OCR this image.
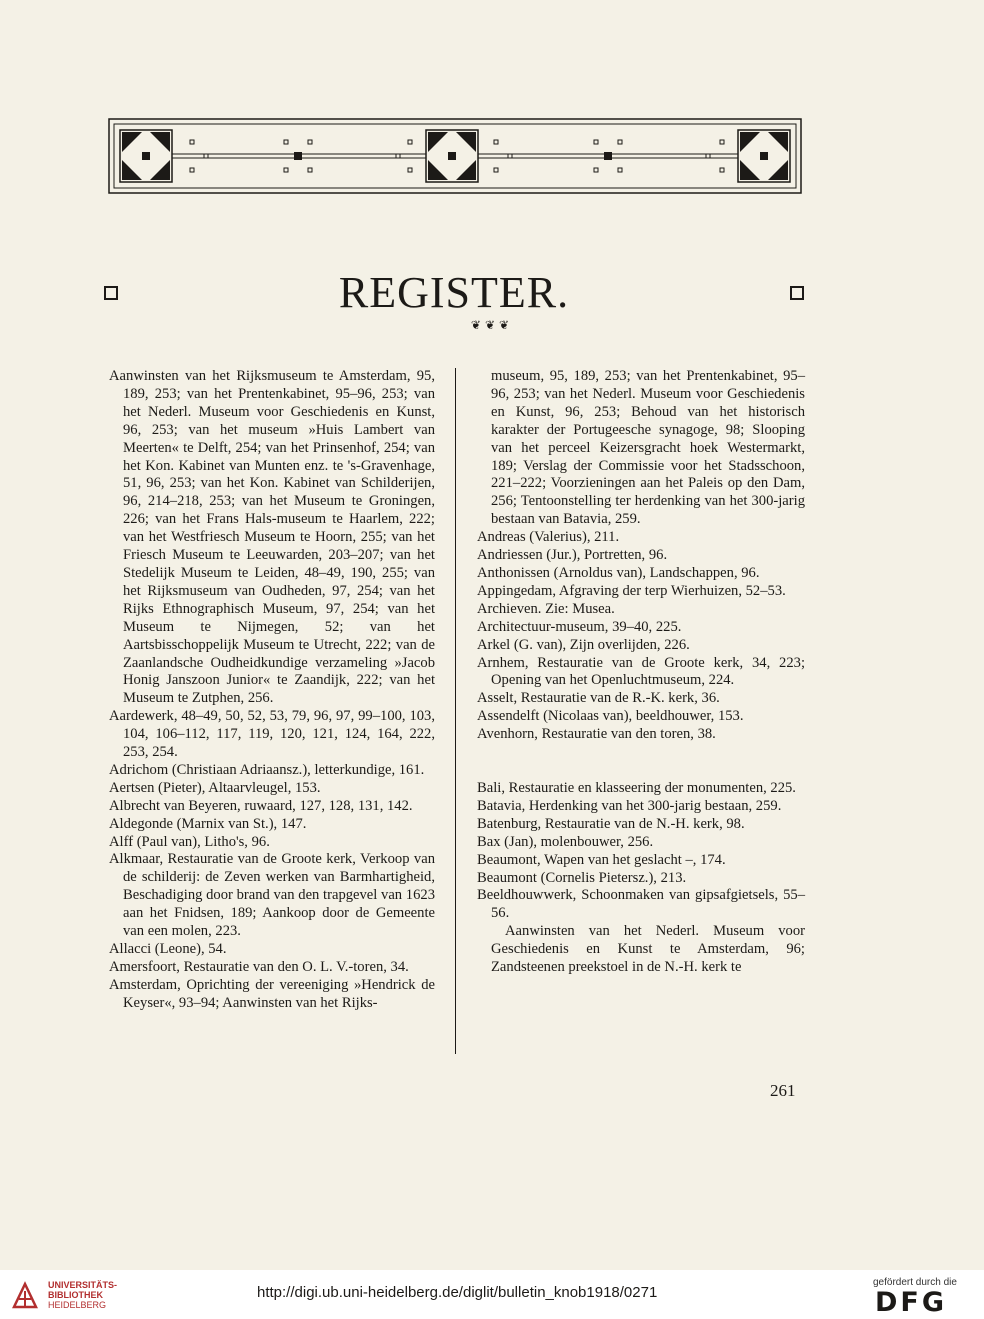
REGISTER.
❦❦❦

Aanwinsten van het Rijksmuseum te Amsterdam, 95, 189, 253; van het Prentenkabinet, 95–96, 253; van het Nederl. Museum voor Geschiedenis en Kunst, 96, 253; van het museum »Huis Lambert van Meerten« te Delft, 254; van het Prinsenhof, 254; van het Kon. Kabinet van Munten enz. te 's-Gravenhage, 51, 96, 253; van het Kon. Kabinet van Schilderijen, 96, 214–218, 253; van het Museum te Groningen, 226; van het Frans Hals-museum te Haarlem, 222; van het Westfriesch Museum te Hoorn, 255; van het Friesch Museum te Leeuwarden, 203–207; van het Stedelijk Museum te Leiden, 48–49, 190, 255; van het Rijksmuseum van Oudheden, 97, 254; van het Rijks Ethnographisch Museum, 97, 254; van het Museum te Nijmegen, 52; van het Aartsbisschoppelijk Museum te Utrecht, 222; van de Zaanlandsche Oudheidkundige verzameling »Jacob Honig Janszoon Junior« te Zaandijk, 222; van het Museum te Zutphen, 256.

Aardewerk, 48–49, 50, 52, 53, 79, 96, 97, 99–100, 103, 104, 106–112, 117, 119, 120, 121, 124, 164, 222, 253, 254.

Adrichom (Christiaan Adriaansz.), letterkundige, 161.

Aertsen (Pieter), Altaarvleugel, 153.

Albrecht van Beyeren, ruwaard, 127, 128, 131, 142.

Aldegonde (Marnix van St.), 147.

Alff (Paul van), Litho's, 96.

Alkmaar, Restauratie van de Groote kerk, Verkoop van de schilderij: de Zeven werken van Barmhartigheid, Beschadiging door brand van den trapgevel van 1623 aan het Fnidsen, 189; Aankoop door de Gemeente van een molen, 223.

Allacci (Leone), 54.

Amersfoort, Restauratie van den O. L. V.-toren, 34.

Amsterdam, Oprichting der vereeniging »Hendrick de Keyser«, 93–94; Aanwinsten van het Rijks-

museum, 95, 189, 253; van het Prentenkabinet, 95–96, 253; van het Nederl. Museum voor Geschiedenis en Kunst, 96, 253; Behoud van het historisch karakter der Portugeesche synagoge, 98; Slooping van het perceel Keizersgracht hoek Westermarkt, 189; Verslag der Commissie voor het Stadsschoon, 221–222; Voorzieningen aan het Paleis op den Dam, 256; Tentoonstelling ter herdenking van het 300-jarig bestaan van Batavia, 259.

Andreas (Valerius), 211.

Andriessen (Jur.), Portretten, 96.

Anthonissen (Arnoldus van), Landschappen, 96.

Appingedam, Afgraving der terp Wierhuizen, 52–53.

Archieven. Zie: Musea.

Architectuur-museum, 39–40, 225.

Arkel (G. van), Zijn overlijden, 226.

Arnhem, Restauratie van de Groote kerk, 34, 223; Opening van het Openluchtmuseum, 224.

Asselt, Restauratie van de R.-K. kerk, 36.

Assendelft (Nicolaas van), beeldhouwer, 153.

Avenhorn, Restauratie van den toren, 38.

Bali, Restauratie en klasseering der monumenten, 225.

Batavia, Herdenking van het 300-jarig bestaan, 259.

Batenburg, Restauratie van de N.-H. kerk, 98.

Bax (Jan), molenbouwer, 256.

Beaumont, Wapen van het geslacht –, 174.

Beaumont (Cornelis Pietersz.), 213.

Beeldhouwwerk, Schoonmaken van gipsafgietsels, 55–56.

Aanwinsten van het Nederl. Museum voor Geschiedenis en Kunst te Amsterdam, 96; Zandsteenen preekstoel in de N.-H. kerk te

261
UNIVERSITÄTS-
BIBLIOTHEK
HEIDELBERG
http://digi.ub.uni-heidelberg.de/diglit/bulletin_knob1918/0271
gefördert durch die
DFG
